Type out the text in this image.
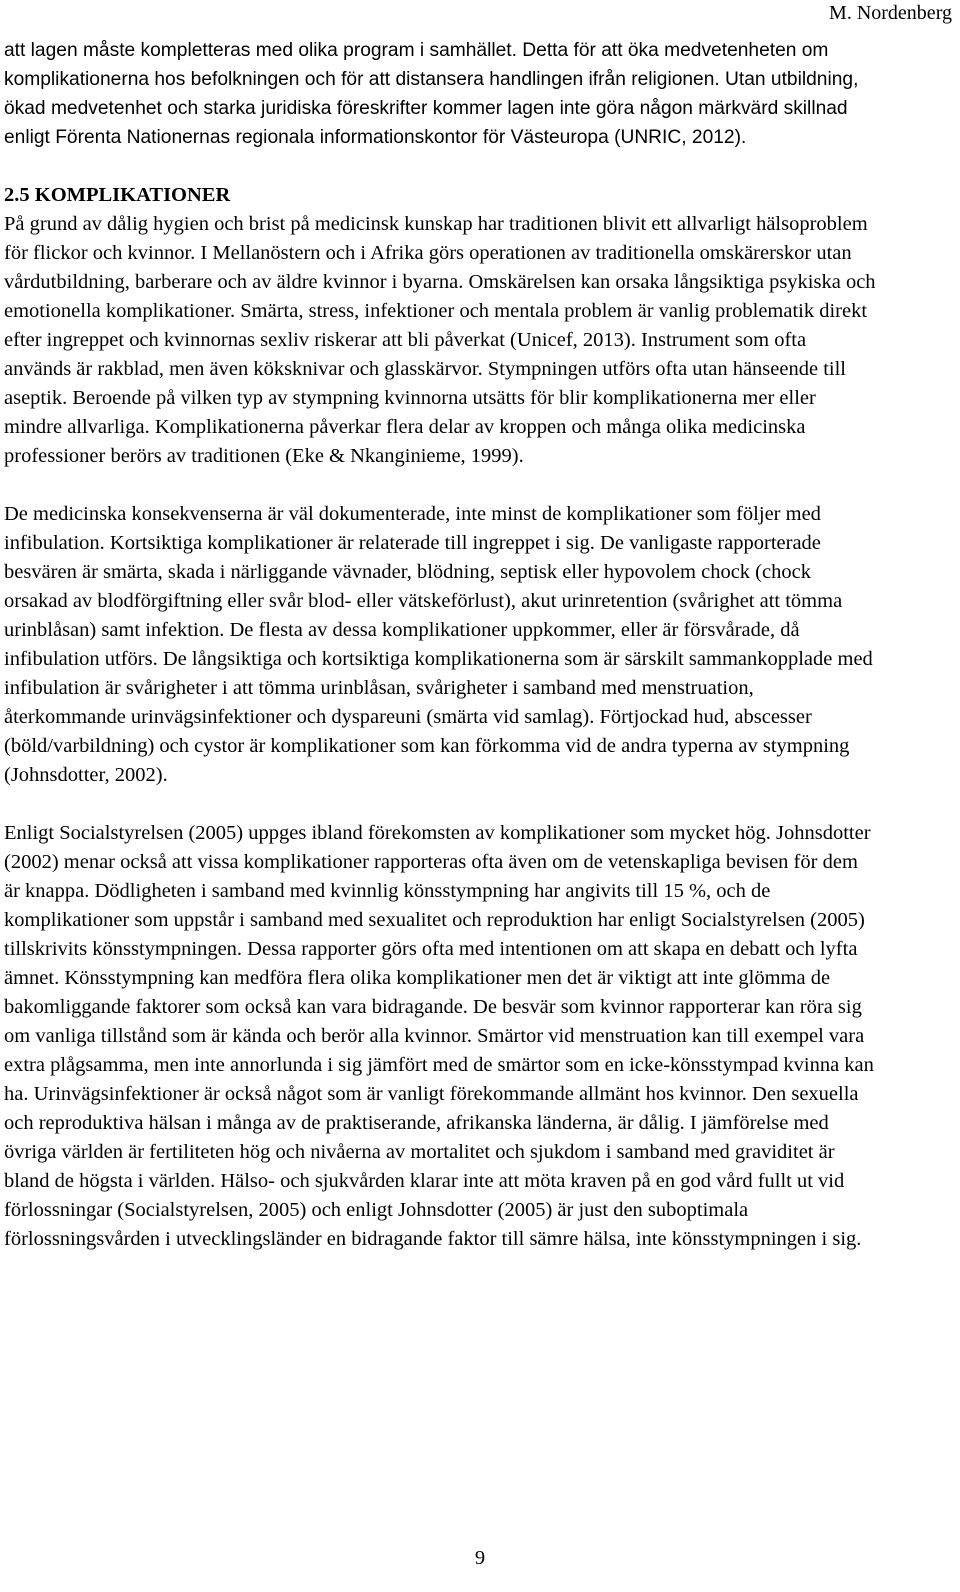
M. Nordenberg

att lagen måste kompletteras med olika program i samhället. Detta för att öka medvetenheten om komplikationerna hos befolkningen och för att distansera handlingen ifrån religionen. Utan utbildning, ökad medvetenhet och starka juridiska föreskrifter kommer lagen inte göra någon märkvärd skillnad enligt Förenta Nationernas regionala informationskontor för Västeuropa (UNRIC, 2012).

2.5 KOMPLIKATIONER

På grund av dålig hygien och brist på medicinsk kunskap har traditionen blivit ett allvarligt hälsoproblem för flickor och kvinnor. I Mellanöstern och i Afrika görs operationen av traditionella omskärerskor utan vårdutbildning, barberare och av äldre kvinnor i byarna. Omskärelsen kan orsaka långsiktiga psykiska och emotionella komplikationer. Smärta, stress, infektioner och mentala problem är vanlig problematik direkt efter ingreppet och kvinnornas sexliv riskerar att bli påverkat (Unicef, 2013). Instrument som ofta används är rakblad, men även köksknivar och glasskärvor. Stympningen utförs ofta utan hänseende till aseptik. Beroende på vilken typ av stympning kvinnorna utsätts för blir komplikationerna mer eller mindre allvarliga. Komplikationerna påverkar flera delar av kroppen och många olika medicinska professioner berörs av traditionen (Eke & Nkanginieme, 1999).

De medicinska konsekvenserna är väl dokumenterade, inte minst de komplikationer som följer med infibulation. Kortsiktiga komplikationer är relaterade till ingreppet i sig. De vanligaste rapporterade besvären är smärta, skada i närliggande vävnader, blödning, septisk eller hypovolem chock (chock orsakad av blodförgiftning eller svår blod- eller vätskeförlust), akut urinretention (svårighet att tömma urinblåsan) samt infektion. De flesta av dessa komplikationer uppkommer, eller är försvårade, då infibulation utförs. De långsiktiga och kortsiktiga komplikationerna som är särskilt sammankopplade med infibulation är svårigheter i att tömma urinblåsan, svårigheter i samband med menstruation, återkommande urinvägsinfektioner och dyspareuni (smärta vid samlag). Förtjockad hud, abscesser (böld/varbildning) och cystor är komplikationer som kan förkomma vid de andra typerna av stympning (Johnsdotter, 2002).

Enligt Socialstyrelsen (2005) uppges ibland förekomsten av komplikationer som mycket hög. Johnsdotter (2002) menar också att vissa komplikationer rapporteras ofta även om de vetenskapliga bevisen för dem är knappa. Dödligheten i samband med kvinnlig könsstympning har angivits till 15 %, och de komplikationer som uppstår i samband med sexualitet och reproduktion har enligt Socialstyrelsen (2005) tillskrivits könsstympningen. Dessa rapporter görs ofta med intentionen om att skapa en debatt och lyfta ämnet. Könsstympning kan medföra flera olika komplikationer men det är viktigt att inte glömma de bakomliggande faktorer som också kan vara bidragande. De besvär som kvinnor rapporterar kan röra sig om vanliga tillstånd som är kända och berör alla kvinnor. Smärtor vid menstruation kan till exempel vara extra plågsamma, men inte annorlunda i sig jämfört med de smärtor som en icke-könsstympad kvinna kan ha. Urinvägsinfektioner är också något som är vanligt förekommande allmänt hos kvinnor. Den sexuella och reproduktiva hälsan i många av de praktiserande, afrikanska länderna, är dålig. I jämförelse med övriga världen är fertiliteten hög och nivåerna av mortalitet och sjukdom i samband med graviditet är bland de högsta i världen. Hälso- och sjukvården klarar inte att möta kraven på en god vård fullt ut vid förlossningar (Socialstyrelsen, 2005) och enligt Johnsdotter (2005) är just den suboptimala förlossningsvården i utvecklingsländer en bidragande faktor till sämre hälsa, inte könsstympningen i sig.

9
